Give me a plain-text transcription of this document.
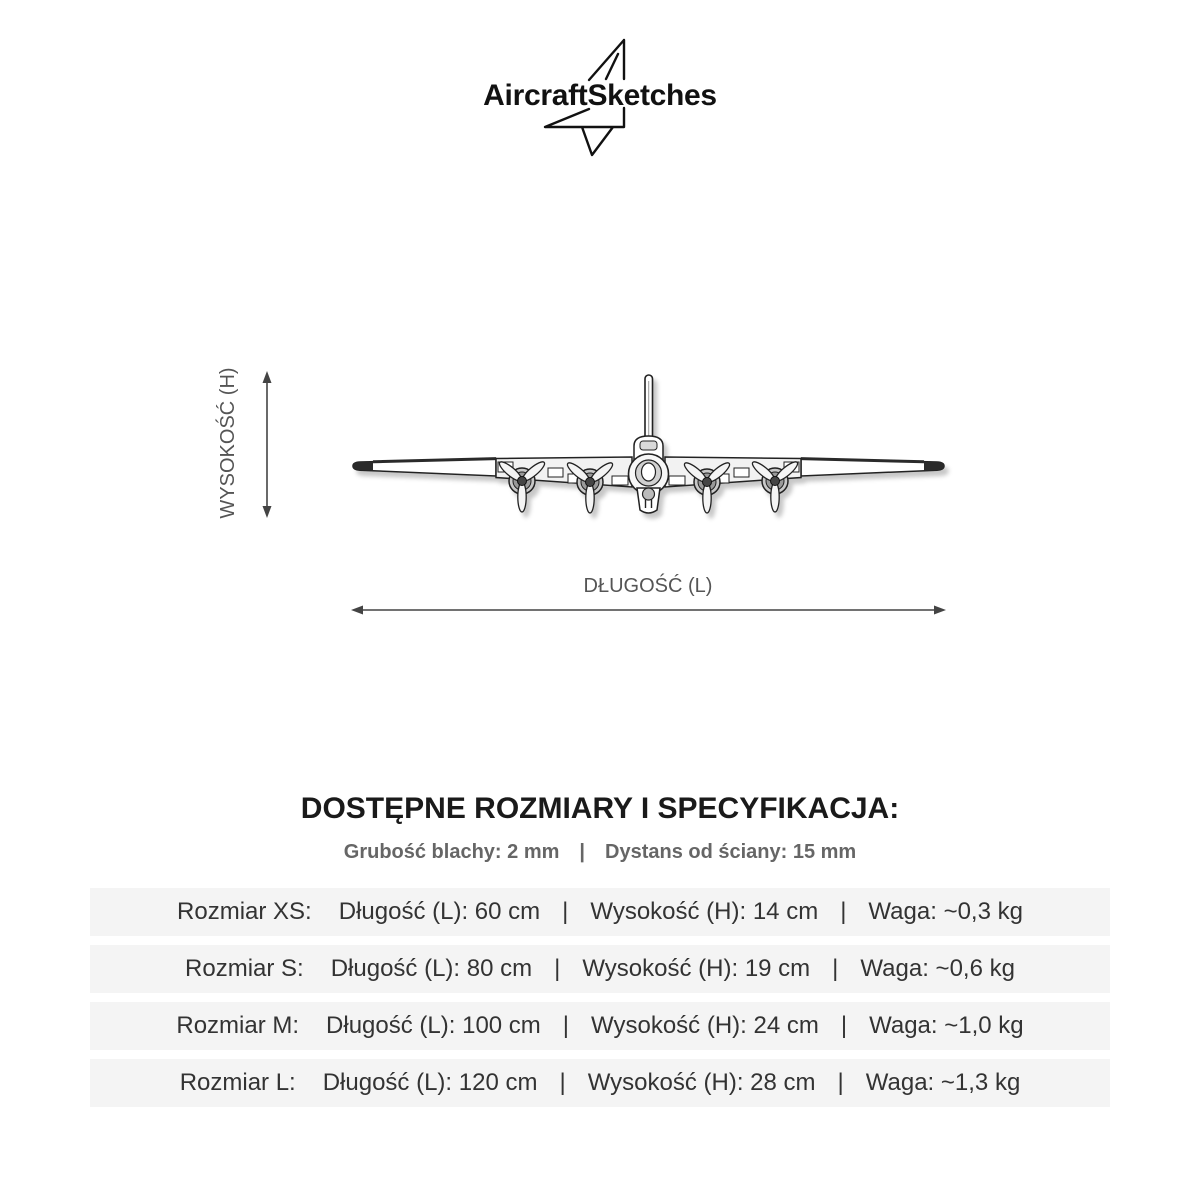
AircraftSketches
WYSOKOŚĆ (H)
DŁUGOŚĆ (L)
DOSTĘPNE ROZMIARY I SPECYFIKACJA:
Grubość blachy: 2 mm | Dystans od ściany: 15 mm
Rozmiar XS: Długość (L): 60 cm | Wysokość (H): 14 cm | Waga: ~0,3 kg
Rozmiar S: Długość (L): 80 cm | Wysokość (H): 19 cm | Waga: ~0,6 kg
Rozmiar M: Długość (L): 100 cm | Wysokość (H): 24 cm | Waga: ~1,0 kg
Rozmiar L: Długość (L): 120 cm | Wysokość (H): 28 cm | Waga: ~1,3 kg
